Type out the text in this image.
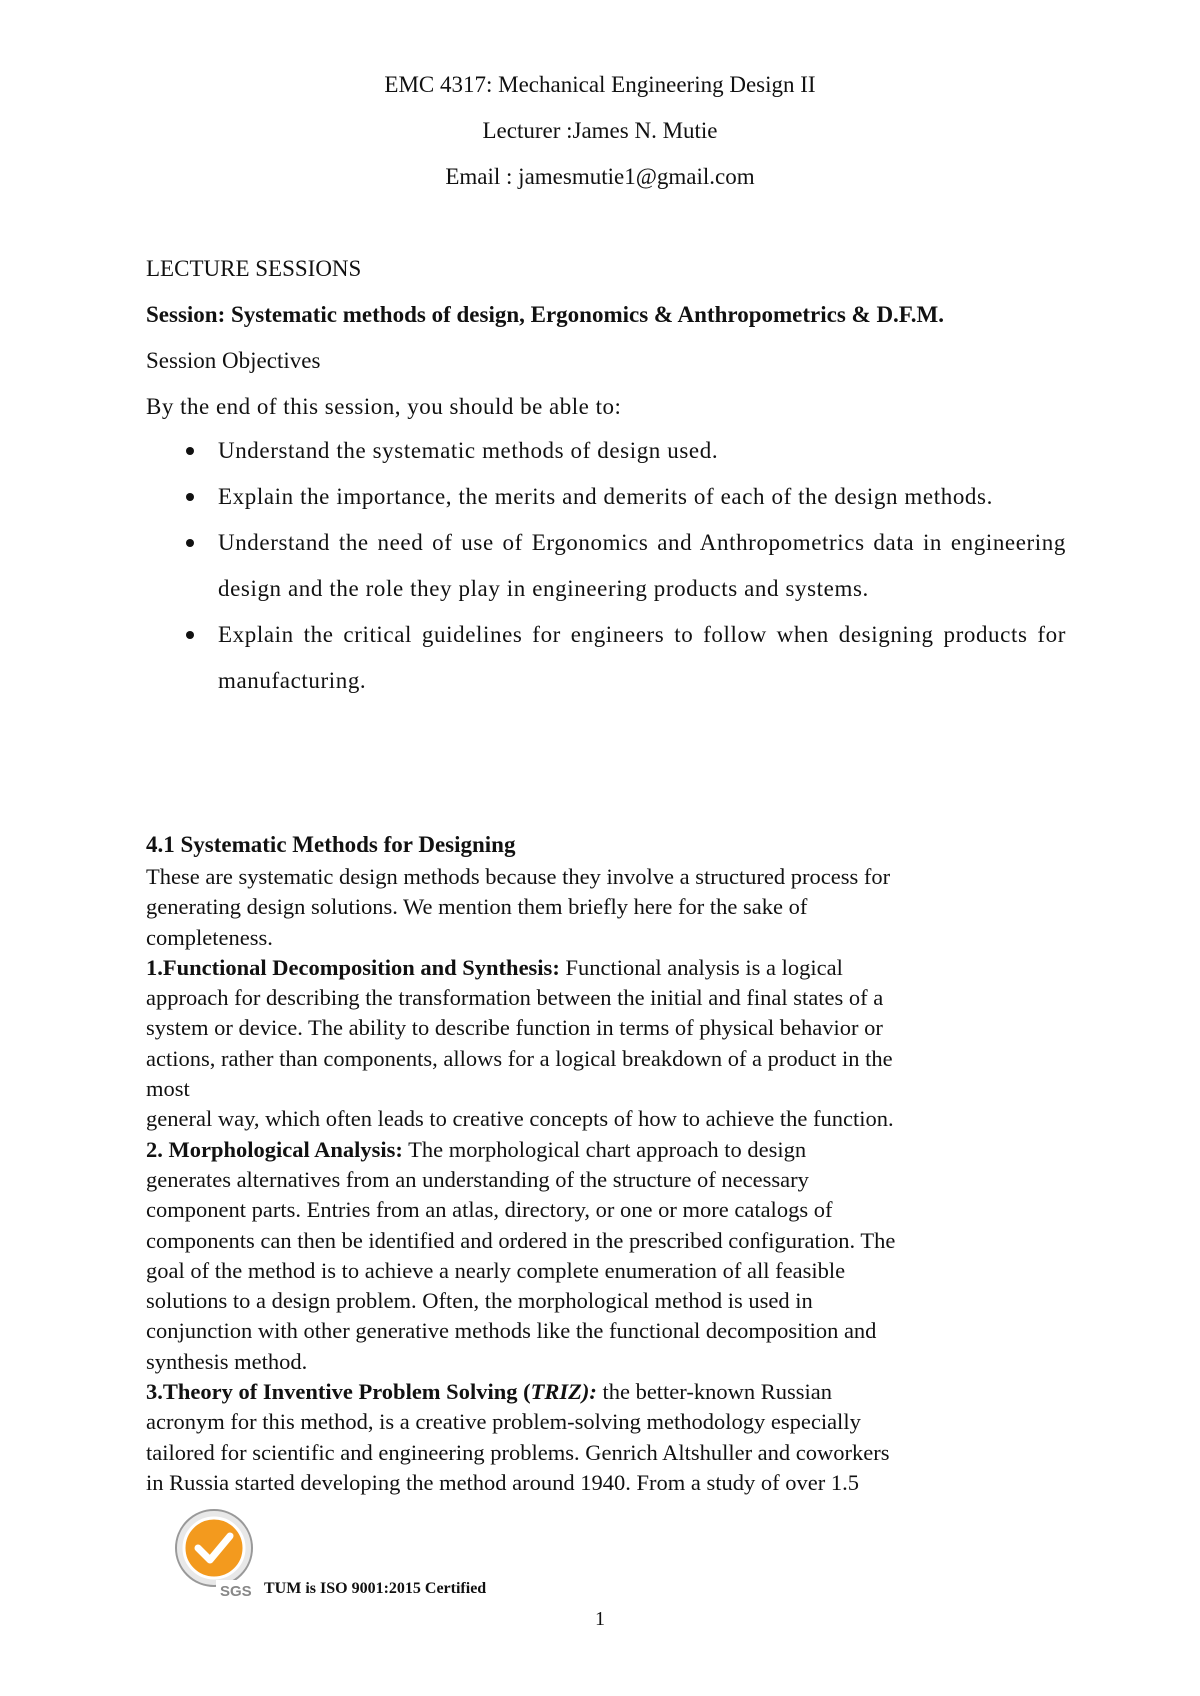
EMC 4317: Mechanical Engineering Design II
Lecturer :James N. Mutie
Email : jamesmutie1@gmail.com
LECTURE SESSIONS
Session: Systematic methods of design, Ergonomics & Anthropometrics & D.F.M.
Session Objectives
By the end of this session, you should be able to:
Understand the systematic methods of design used.
Explain the importance, the merits and demerits of each of the design methods.
Understand the need of use of Ergonomics and Anthropometrics data in engineering design and the role they play in engineering products and systems.
Explain the critical guidelines for engineers to follow when designing products for manufacturing.
4.1 Systematic Methods for Designing

These are systematic design methods because they involve a structured process for

generating design solutions. We mention them briefly here for the sake of

completeness.

1.Functional Decomposition and Synthesis: Functional analysis is a logical

approach for describing the transformation between the initial and final states of a

system or device. The ability to describe function in terms of physical behavior or

actions, rather than components, allows for a logical breakdown of a product in the

most

general way, which often leads to creative concepts of how to achieve the function.

2. Morphological Analysis: The morphological chart approach to design

generates alternatives from an understanding of the structure of necessary

component parts. Entries from an atlas, directory, or one or more catalogs of

components can then be identified and ordered in the prescribed configuration. The

goal of the method is to achieve a nearly complete enumeration of all feasible

solutions to a design problem. Often, the morphological method is used in

conjunction with other generative methods like the functional decomposition and

synthesis method.

3.Theory of Inventive Problem Solving (TRIZ): the better-known Russian

acronym for this method, is a creative problem-solving methodology especially

tailored for scientific and engineering problems. Genrich Altshuller and coworkers

in Russia started developing the method around 1940. From a study of over 1.5

SGS TUM is ISO 9001:2015 Certified
1
